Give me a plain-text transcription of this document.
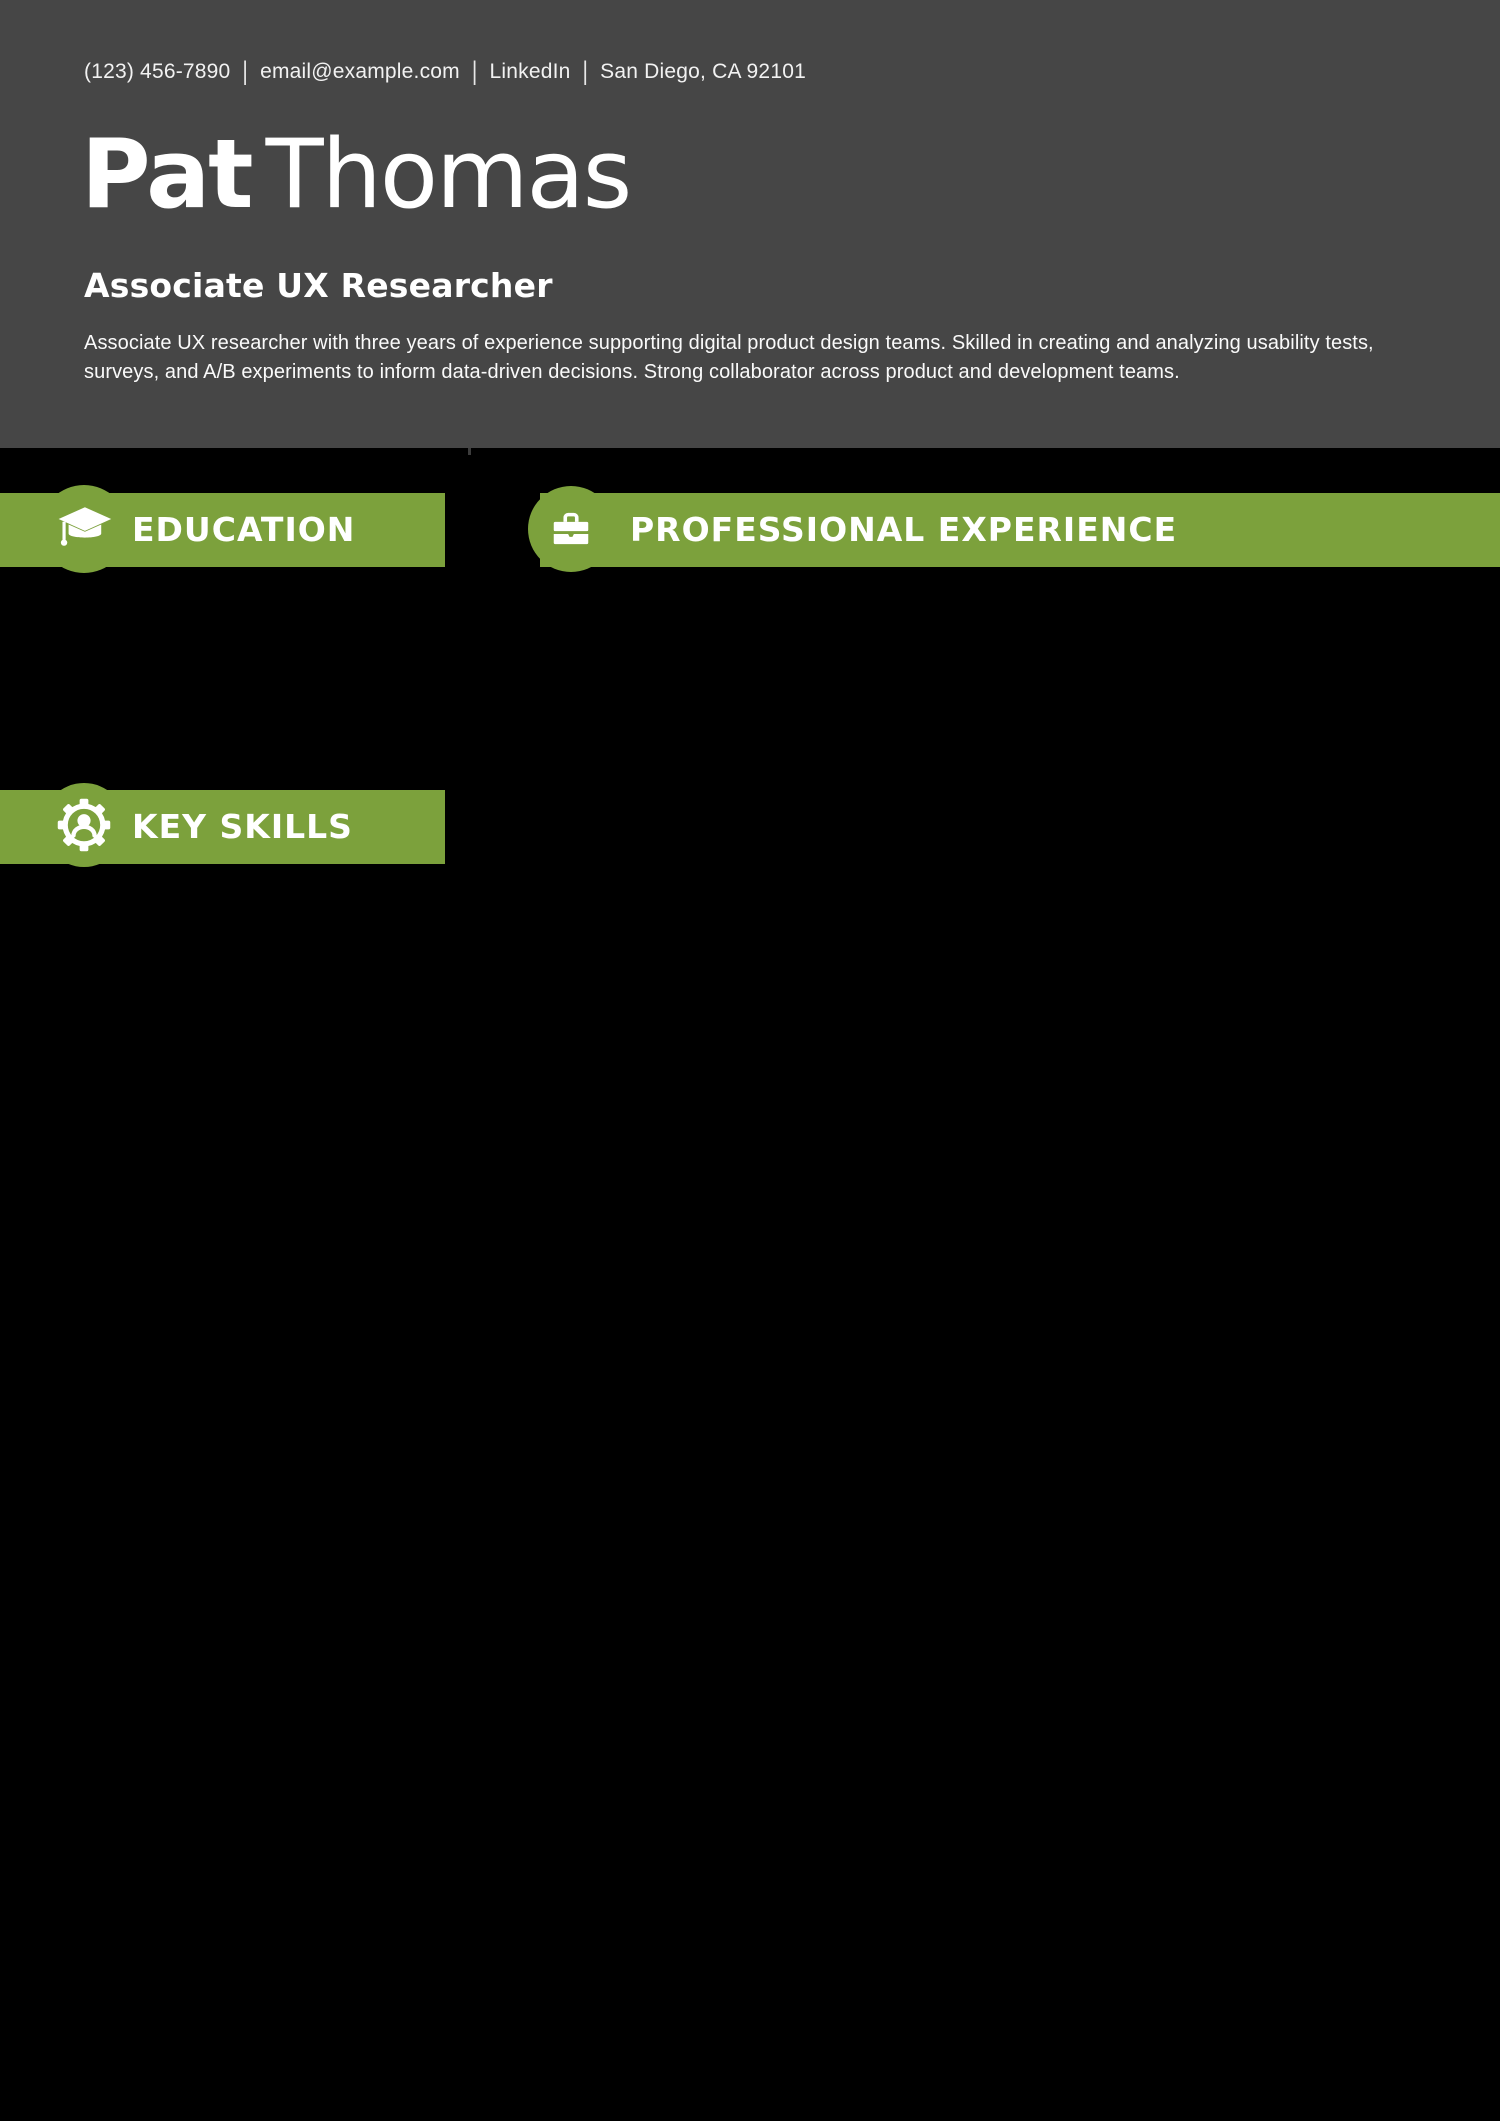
(123) 456-7890 | email@example.com | LinkedIn | San Diego, CA 92101
Pat Thomas
Associate UX Researcher
Associate UX researcher with three years of experience supporting digital product design teams. Skilled in creating and analyzing usability tests, surveys, and A/B experiments to inform data-driven decisions. Strong collaborator across product and development teams.
EDUCATION	PROFESSIONAL EXPERIENCE
KEY SKILLS
